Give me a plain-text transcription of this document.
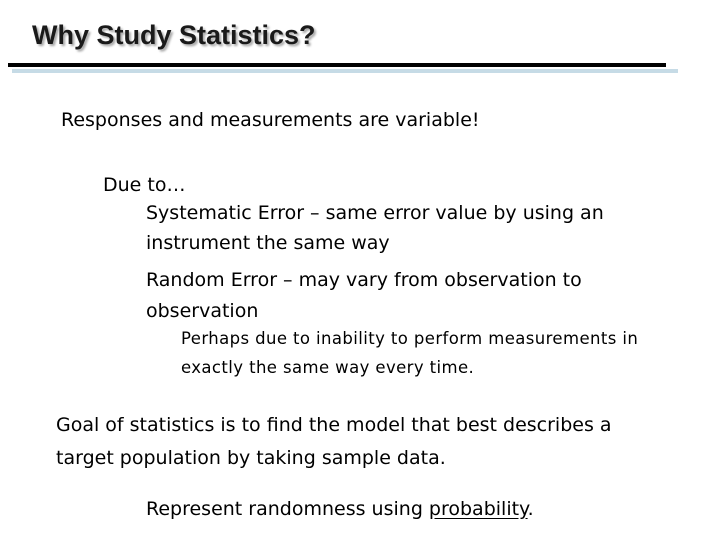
Why Study Statistics?
Responses and measurements are variable!
Due to…
Systematic Error – same error value by using an
instrument the same way
Random Error – may vary from observation to
observation
Perhaps due to inability to perform measurements in
exactly the same way every time.
Goal of statistics is to find the model that best describes a
target population by taking sample data.
Represent randomness using probability.
